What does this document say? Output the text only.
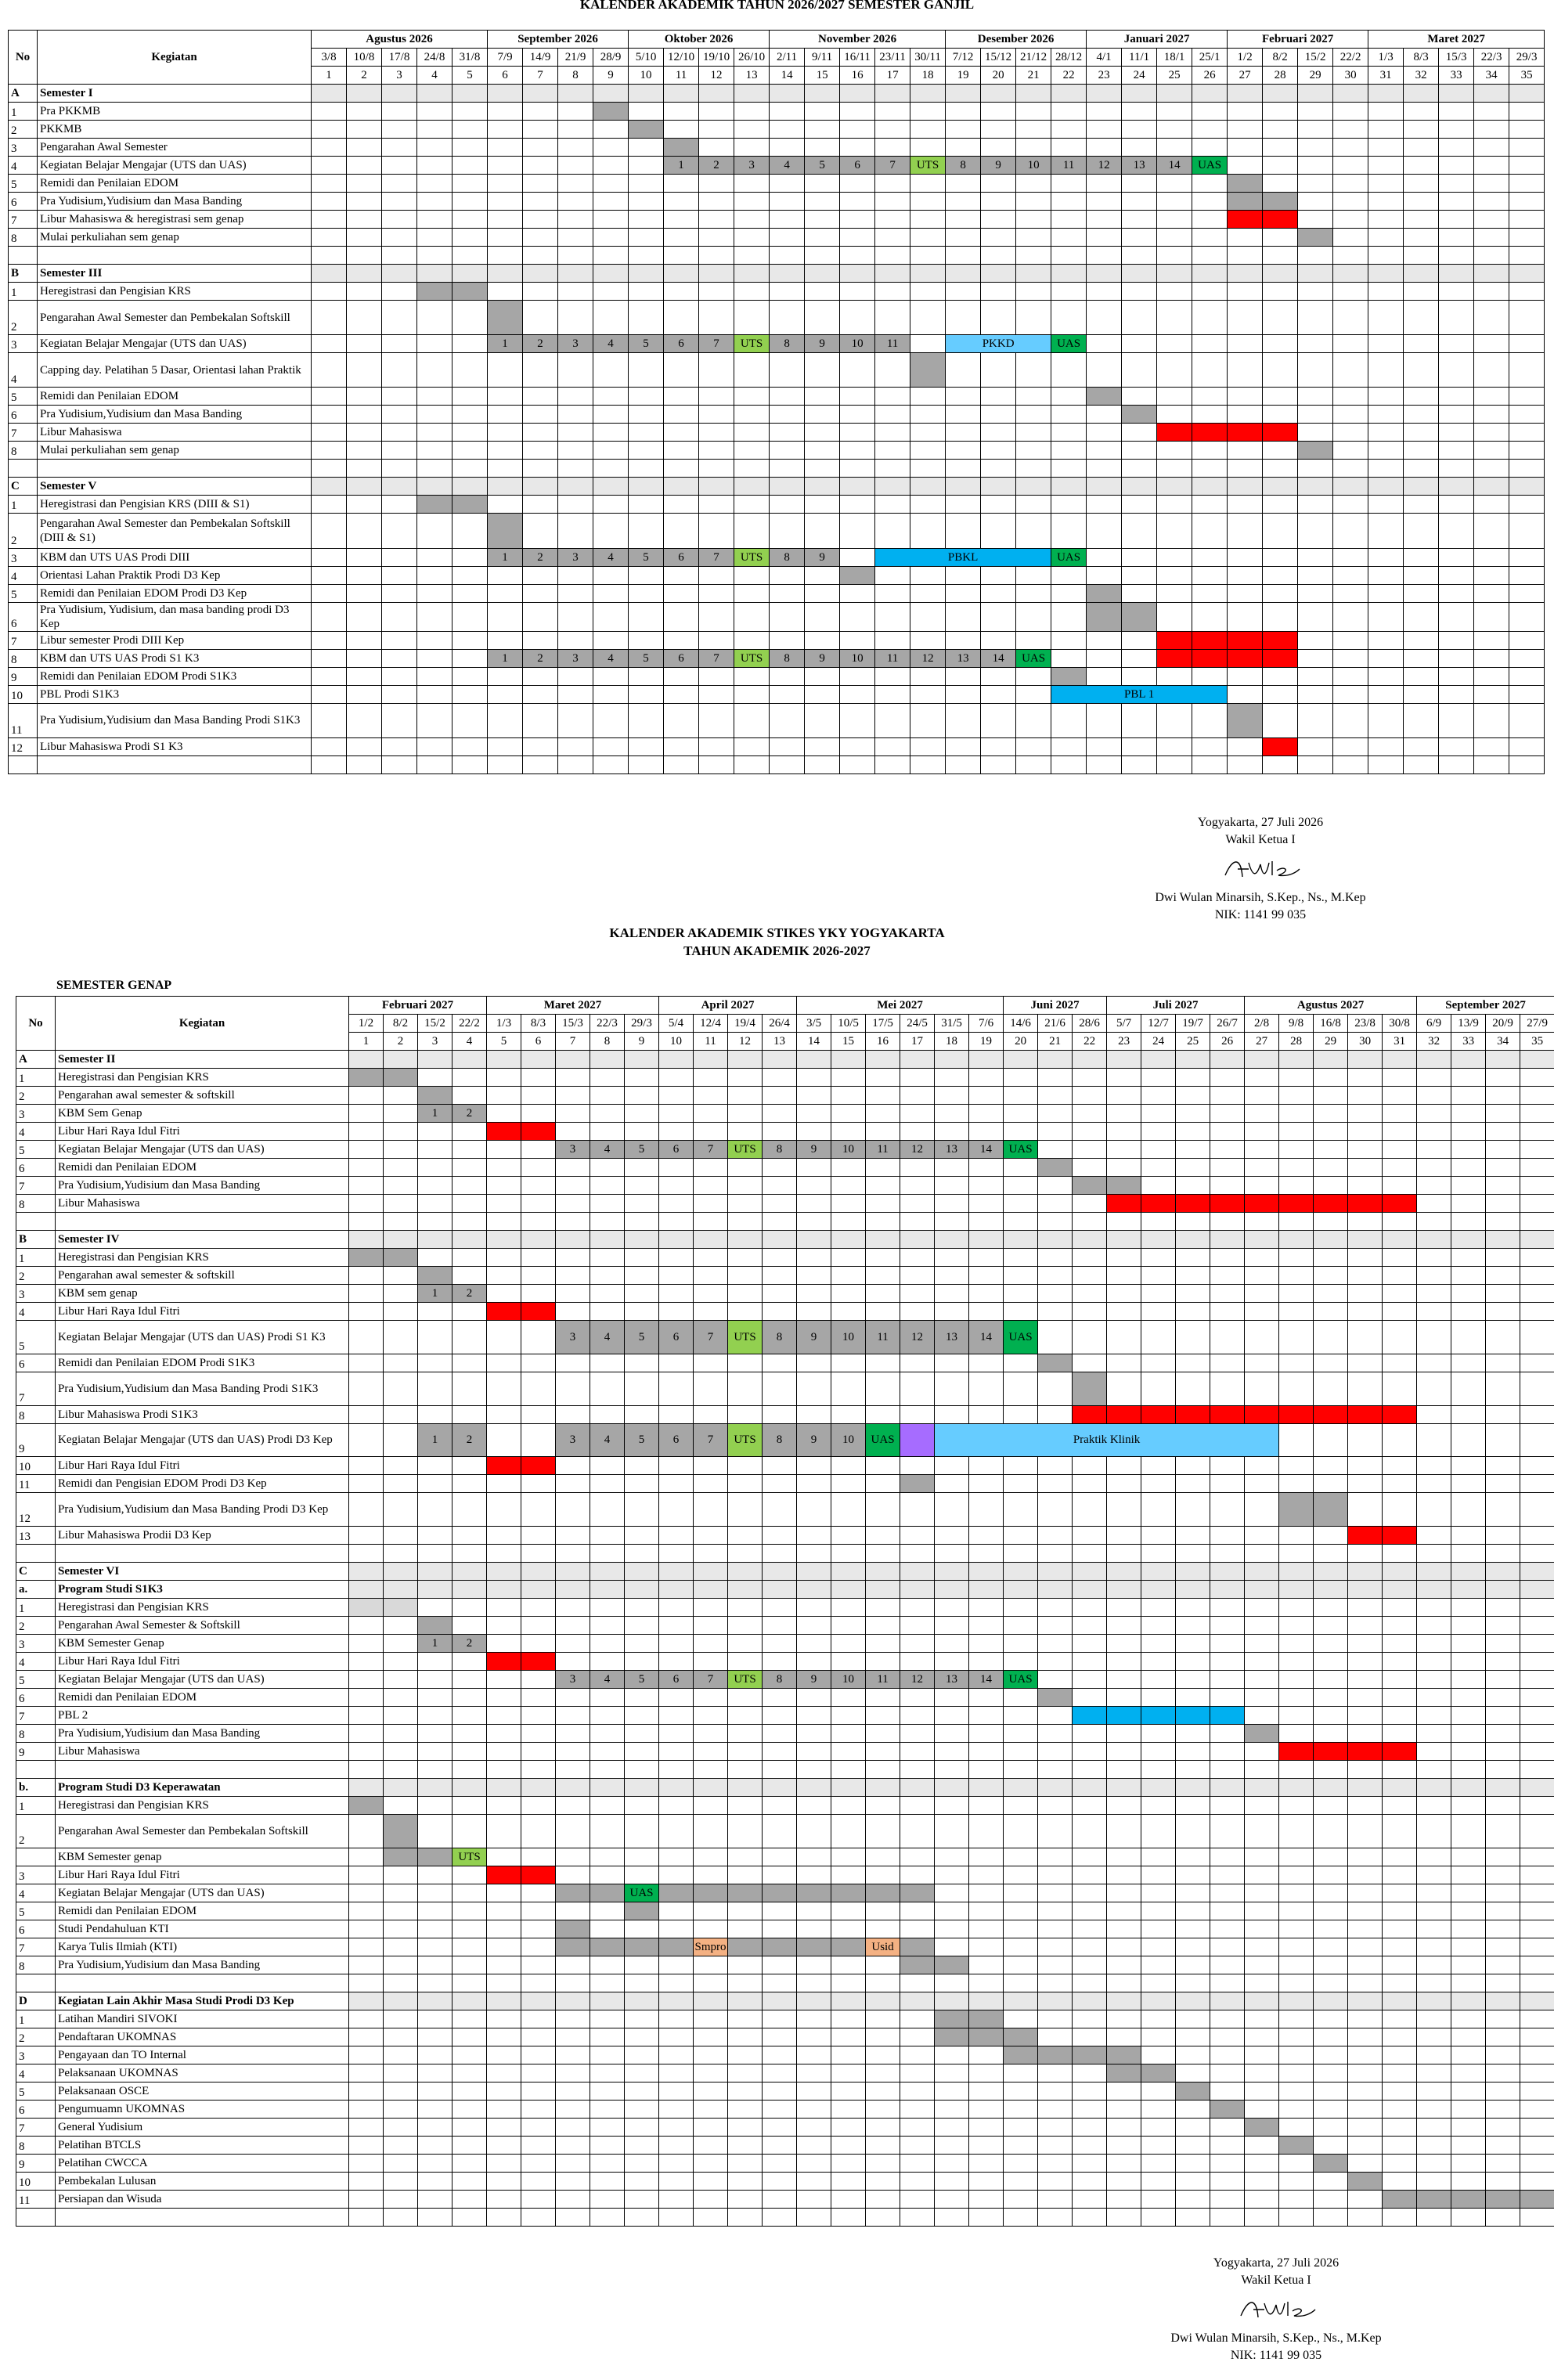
KALENDER AKADEMIK TAHUN 2026/2027 SEMESTER GANJIL
No	Kegiatan	Agustus 2026					September 2026				Oktober 2026				November 2026					Desember 2026				Januari 2027				Februari 2027				Maret 2027				
		3/8	10/8	17/8	24/8	31/8	7/9	14/9	21/9	28/9	5/10	12/10	19/10	26/10	2/11	9/11	16/11	23/11	30/11	7/12	15/12	21/12	28/12	4/1	11/1	18/1	25/1	1/2	8/2	15/2	22/2	1/3	8/3	15/3	22/3	29/3
		1	2	3	4	5	6	7	8	9	10	11	12	13	14	15	16	17	18	19	20	21	22	23	24	25	26	27	28	29	30	31	32	33	34	35
A	Semester I																																			
1	Pra PKKMB																																			
2	PKKMB																																			
3	Pengarahan Awal Semester																																			
4	Kegiatan Belajar Mengajar (UTS dan UAS)											1	2	3	4	5	6	7	UTS	8	9	10	11	12	13	14	UAS									
5	Remidi dan Penilaian EDOM																																			
6	Pra Yudisium,Yudisium dan Masa Banding																																			
7	Libur Mahasiswa & heregistrasi sem genap																																			
8	Mulai perkuliahan sem genap																																			

B	Semester III																																			
1	Heregistrasi dan Pengisian KRS																																			
2	Pengarahan Awal Semester dan Pembekalan Softskill																																			
3	Kegiatan Belajar Mengajar (UTS dan UAS)						1	2	3	4	5	6	7	UTS	8	9	10	11		PKKD			UAS													
4	Capping day. Pelatihan 5 Dasar, Orientasi lahan Praktik																																			
5	Remidi dan Penilaian EDOM																																			
6	Pra Yudisium,Yudisium dan Masa Banding																																			
7	Libur Mahasiswa																																			
8	Mulai perkuliahan sem genap																																			

C	Semester V																																			
1	Heregistrasi dan Pengisian KRS (DIII & S1)																																			
2	Pengarahan Awal Semester dan Pembekalan Softskill (DIII & S1)																																			
3	KBM dan UTS UAS Prodi DIII						1	2	3	4	5	6	7	UTS	8	9		PBKL					UAS													
4	Orientasi Lahan Praktik Prodi D3 Kep																																			
5	Remidi dan Penilaian EDOM Prodi D3 Kep																																			
6	Pra Yudisium, Yudisium, dan masa banding prodi D3 Kep																																			
7	Libur semester Prodi DIII Kep																																			
8	KBM dan UTS UAS Prodi S1 K3						1	2	3	4	5	6	7	UTS	8	9	10	11	12	13	14	UAS														
9	Remidi dan Penilaian EDOM Prodi S1K3																																			
10	PBL Prodi S1K3																						PBL 1													
11	Pra Yudisium,Yudisium dan Masa Banding Prodi S1K3																																			
12	Libur Mahasiswa Prodi S1 K3																																			

Yogyakarta, 27 Juli 2026
Wakil Ketua I
Dwi Wulan Minarsih, S.Kep., Ns., M.Kep
NIK: 1141 99 035
KALENDER AKADEMIK STIKES YKY YOGYAKARTA
TAHUN AKADEMIK 2026-2027
SEMESTER GENAP
No	Kegiatan	Februari 2027				Maret 2027					April 2027				Mei 2027						Juni 2027			Juli 2027				Agustus 2027					September 2027			
		1/2	8/2	15/2	22/2	1/3	8/3	15/3	22/3	29/3	5/4	12/4	19/4	26/4	3/5	10/5	17/5	24/5	31/5	7/6	14/6	21/6	28/6	5/7	12/7	19/7	26/7	2/8	9/8	16/8	23/8	30/8	6/9	13/9	20/9	27/9
		1	2	3	4	5	6	7	8	9	10	11	12	13	14	15	16	17	18	19	20	21	22	23	24	25	26	27	28	29	30	31	32	33	34	35
A	Semester II																																			
1	Heregistrasi dan Pengisian KRS																																			
2	Pengarahan awal semester & softskill																																			
3	KBM Sem Genap			1	2																															
4	Libur Hari Raya Idul Fitri																																			
5	Kegiatan Belajar Mengajar (UTS dan UAS)							3	4	5	6	7	UTS	8	9	10	11	12	13	14	UAS															
6	Remidi dan Penilaian EDOM																																			
7	Pra Yudisium,Yudisium dan Masa Banding																																			
8	Libur Mahasiswa																																			

B	Semester IV																																			
1	Heregistrasi dan Pengisian KRS																																			
2	Pengarahan awal semester & softskill																																			
3	KBM sem genap			1	2																															
4	Libur Hari Raya Idul Fitri																																			
5	Kegiatan Belajar Mengajar (UTS dan UAS) Prodi S1 K3							3	4	5	6	7	UTS	8	9	10	11	12	13	14	UAS															
6	Remidi dan Penilaian EDOM Prodi S1K3																																			
7	Pra Yudisium,Yudisium dan Masa Banding Prodi S1K3																																			
8	Libur Mahasiswa Prodi S1K3																																			
9	Kegiatan Belajar Mengajar (UTS dan UAS) Prodi D3 Kep			1	2			3	4	5	6	7	UTS	8	9	10	UAS		Praktik Klinik																	
10	Libur Hari Raya Idul Fitri																																			
11	Remidi dan Pengisian EDOM Prodi D3 Kep																																			
12	Pra Yudisium,Yudisium dan Masa Banding Prodi D3 Kep																																			
13	Libur Mahasiswa Prodii D3 Kep																																			

C	Semester VI																																			
a.	Program Studi S1K3																																			
1	Heregistrasi dan Pengisian KRS																																			
2	Pengarahan Awal Semester & Softskill																																			
3	KBM Semester Genap			1	2																															
4	Libur Hari Raya Idul Fitri																																			
5	Kegiatan Belajar Mengajar (UTS dan UAS)							3	4	5	6	7	UTS	8	9	10	11	12	13	14	UAS															
6	Remidi dan Penilaian EDOM																																			
7	PBL 2																																			
8	Pra Yudisium,Yudisium dan Masa Banding																																			
9	Libur Mahasiswa																																			

b.	Program Studi D3 Keperawatan																																			
1	Heregistrasi dan Pengisian KRS																																			
2	Pengarahan Awal Semester dan Pembekalan Softskill																																			
	KBM Semester genap				UTS																															
3	Libur Hari Raya Idul Fitri																																			
4	Kegiatan Belajar Mengajar (UTS dan UAS)									UAS																										
5	Remidi dan Penilaian EDOM																																			
6	Studi Pendahuluan KTI																																			
7	Karya Tulis Ilmiah (KTI)											Smpro					Usid																			
8	Pra Yudisium,Yudisium dan Masa Banding																																			

D	Kegiatan Lain Akhir Masa Studi Prodi D3 Kep																																			
1	Latihan Mandiri SIVOKI																																			
2	Pendaftaran UKOMNAS																																			
3	Pengayaan dan TO Internal																																			
4	Pelaksanaan UKOMNAS																																			
5	Pelaksanaan OSCE																																			
6	Pengumuamn UKOMNAS																																			
7	General Yudisium																																			
8	Pelatihan BTCLS																																			
9	Pelatihan CWCCA																																			
10	Pembekalan Lulusan																																			
11	Persiapan dan Wisuda																																			

Yogyakarta, 27 Juli 2026
Wakil Ketua I
Dwi Wulan Minarsih, S.Kep., Ns., M.Kep
NIK: 1141 99 035
